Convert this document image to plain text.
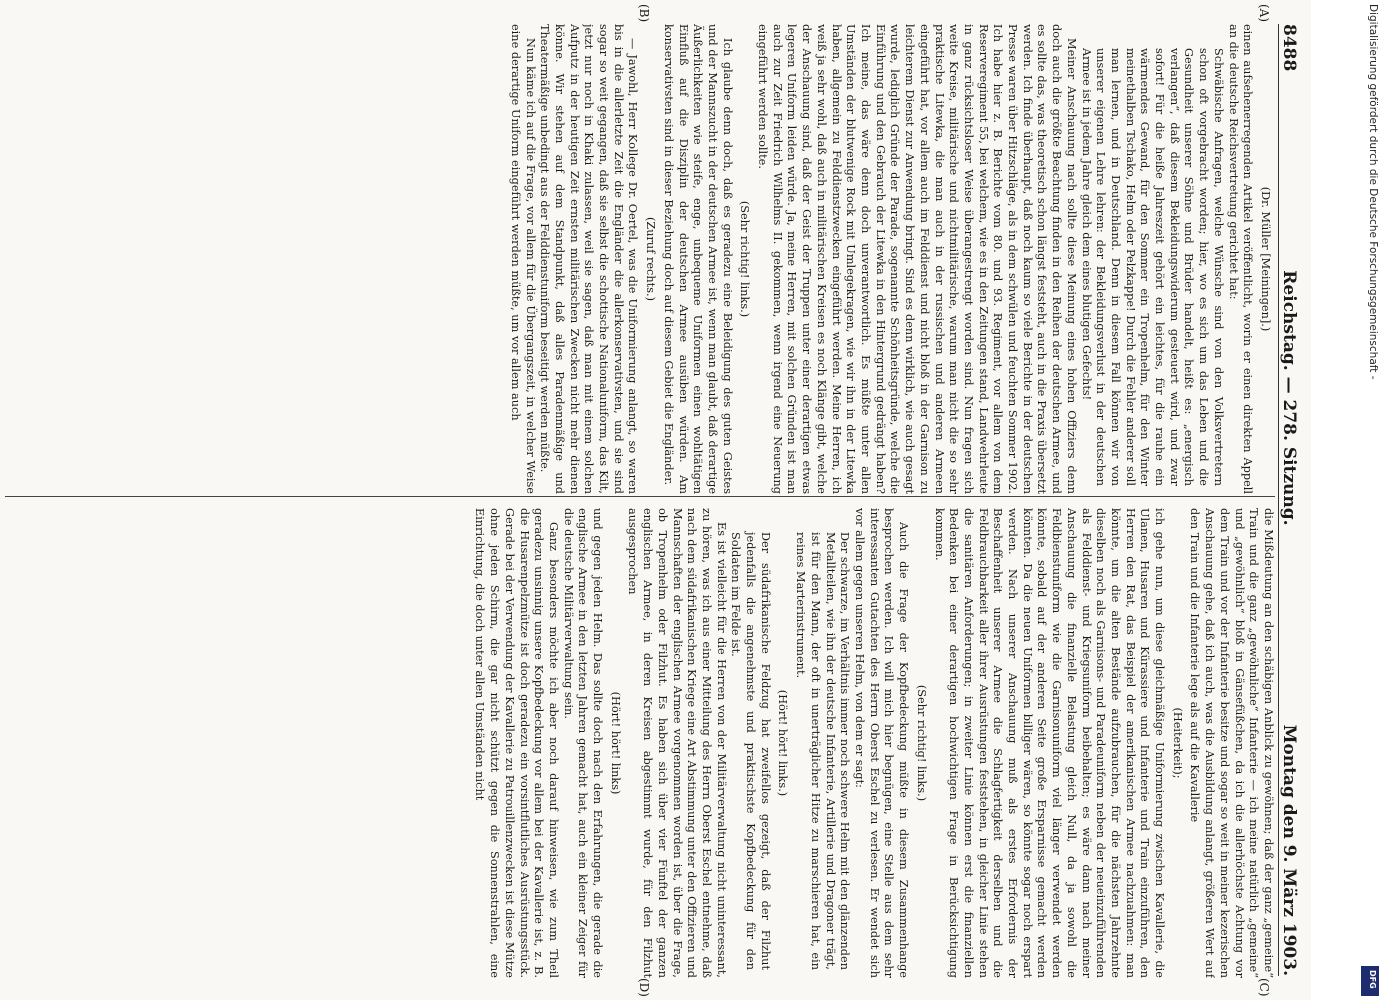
8488
Reichstag. — 278. Sitzung.
Montag den 9. März 1903.

(Dr. Müller [Meiningen].)

einen aufsehenerregenden Artikel veröffentlicht, worin er einen direkten Appell an die deutsche Reichsvertretung gerichtet hat:

Schwäbische Anfragen, welche Wünsche sind von den Volksvertretern schon oft vorgebracht worden; hier, wo es sich um das Leben und die Gesundheit unserer Söhne und Brüder handelt, heißt es: „energisch verlangen“, daß diesem Bekleidungswiderum gesteuert wird, und zwar sofort! Für die heiße Jahreszeit gehört ein leichtes, für die rauhe ein wärmendes Gewand, für den Sommer ein Tropenhelm, für den Winter meinethalben Tschako, Helm oder Pelzkappe! Durch die Fehler anderer soll man lernen, und in Deutschland. Denn in diesem Fall können wir von unserer eigenen Lehre lehren: der Bekleidungsverlust in der deutschen Armee ist in jedem Jahre gleich dem eines blutigen Gefechts!

Meiner Anschauung nach sollte diese Meinung eines hohen Offiziers denn doch auch die größte Beachtung finden in den Reihen der deutschen Armee, und es sollte das, was theoretisch schon längst feststeht, auch in die Praxis übersetzt werden. Ich finde überhaupt, daß noch kaum so viele Berichte in der deutschen Presse waren über Hitzschläge, als in dem schwülen und feuchten Sommer 1902. Ich habe hier z. B. Berichte vom 80. und 93. Regiment, vor allem von dem Reserveregiment 55, bei welchem, wie es in den Zeitungen stand, Landwehrleute in ganz rücksichtsloser Weise überangestrengt worden sind. Nun fragen sich weite Kreise, militärische und nichtmilitärische, warum man nicht die so sehr praktische Litewka, die man auch in der russischen und anderen Armeen eingeführt hat, vor allem auch im Felddienst und nicht bloß in der Garnison zu leichterem Dienst zur Anwendung bringt. Sind es denn wirklich, wie auch gesagt wurde, lediglich Gründe der Parade, sogenannte Schönheitsgründe, welche die Einführung und den Gebrauch der Litewka in den Hintergrund gedrängt haben? Ich meine, das wäre denn doch unverantwortlich. Es müßte unter allen Umständen der blutwenige Rock mit Umlegekragen, wie wir ihn in der Litewka haben, allgemein zu Felddienstzwecken eingeführt werden. Meine Herren, ich weiß ja sehr wohl, daß auch in militärischen Kreisen es noch Klänge gibt, welche der Anschauung sind, daß der Geist der Truppen unter einer derartigen etwas legeren Uniform leiden würde. Ja, meine Herren, mit solchen Gründen ist man auch zur Zeit Friedrich Wilhelms II. gekommen, wenn irgend eine Neuerung eingeführt werden sollte.

(Sehr richtig! links.)

Ich glaube denn doch, daß es geradezu eine Beleidigung des guten Geistes und der Mannszucht in der deutschen Armee ist, wenn man glaubt, daß derartige Äußerlichkeiten wie steife, enge, unbequeme Uniformen einen wohltätigen Einfluß auf die Disziplin der deutschen Armee ausüben würden. Am konservativsten sind in dieser Beziehung doch auf diesem Gebiet die Engländer.

(Zuruf rechts.)

— Jawohl, Herr Kollege Dr. Oertel, was die Uniformierung anlangt, so waren bis in die allerletzte Zeit die Engländer die allerkonservativsten, und sie sind sogar so weit gegangen, daß sie selbst die schottische Nationaluniform, das Kilt, jetzt nur noch in Khaki zulassen, weil sie sagen, daß man mit einem solchen Aufputz in der heutigen Zeit ernsten militärischen Zwecken nicht mehr dienen könne. Wir stehen auf dem Standpunkt, daß alles Paradenmäßige und Theatermäßige unbedingt aus der Felddienstuniform beseitigt werden müßte.

Nun käme ich auf die Frage, vor allem für die Übergangszeit, in welcher Weise eine derartige Uniform eingeführt werden müßte, um vor allem auch

(A)
(B)

die Mißdeutung an den schäbigen Anblick zu gewöhnen; daß der ganz „gemeine“ Train und die ganz „gewöhnliche“ Infanterie — ich meine natürlich „gemeine“ und „gewöhnlich“ bloß in Gänsefüßchen, da ich die allerhöchste Achtung vor dem Train und vor der Infanterie besitze und sogar so weit in meiner kezerischen Anschauung gehe, daß ich auch, was die Ausbildung anlangt, größeren Wert auf den Train und die Infanterie lege als auf die Kavallerie

(Heiterkeit);

ich gehe nun, um diese gleichmäßige Uniformierung zwischen Kavallerie, die Ulanen, Husaren und Kürassiere und Infanterie und Train einzuführen, den Herren den Rat, das Beispiel der amerikanischen Armee nachzuahmen: man könnte, um die alten Bestände aufzubrauchen, für die nächsten Jahrzehnte dieselben noch als Garnisons- und Paradeuniform neben der neueinzuführenden als Felddienst- und Kriegsuniform beibehalten; es wäre dann nach meiner Anschauung die finanzielle Belastung gleich Null, da ja sowohl die Feldbienstuniform wie die Garnisonuniform viel länger verwendet werden könnte, sobald auf der anderen Seite große Ersparnisse gemacht werden könnten. Da die neuen Uniformen billiger wären, so könnte sogar noch erspart werden. Nach unserer Anschauung muß als erstes Erfordernis der Beschaffenheit unserer Armee die Schlagfertigkeit derselben und die Feldbrauchbarkeit aller ihrer Ausrüstungen feststehen, in gleicher Linie stehen die sanitären Anforderungen; in zweiter Linie können erst die finanziellen Bedenken bei einer derartigen hochwichtigen Frage in Berücksichtigung kommen.

(Sehr richtig! links.)

Auch die Frage der Kopfbedeckung müßte in diesem Zusammenhange besprochen werden. Ich will mich hier begnügen, eine Stelle aus dem sehr interessanten Gutachten des Herrn Oberst Eschel zu verlesen. Er wendet sich vor allem gegen unseren Helm, von dem er sagt:

Der schwarze, im Verhältnis immer noch schwere Helm mit den glänzenden Metallteilen, wie ihn der deutsche Infanterie, Artillerie und Dragoner trägt, ist für den Mann, der oft in unerträglicher Hitze zu marschieren hat, ein reines Marterinstrument.

(Hört! hört! links.)

Der südafrikanische Feldzug hat zweifellos gezeigt, daß der Filzhut jedenfalls die angenehmste und praktischste Kopfbedeckung für den Soldaten im Felde ist.

Es ist vielleicht für die Herren von der Militärverwaltung nicht uninteressant, zu hören, was ich aus einer Mitteilung des Herrn Oberst Eschel entnehme, daß nach dem südafrikanischen Kriege eine Art Abstimmung unter den Offizieren und Mannschaften der englischen Armee vorgenommen worden ist, über die Frage, ob Tropenhelm oder Filzhut. Es haben sich über vier Fünftel der ganzen englischen Armee, in deren Kreisen abgestimmt wurde, für den Filzhut ausgesprochen

(Hört! hört! links)

und gegen jeden Helm. Das sollte doch nach den Erfahrungen, die gerade die englische Armee in den letzten Jahren gemacht hat, auch ein kleiner Zeiger für die deutsche Militärverwaltung sein.

Ganz besonders möchte ich aber noch darauf hinweisen, wie zum Theil geradezu unsinnig unsere Kopfbedeckung vor allem bei der Kavallerie ist, z. B. die Husarenpelzmütze ist doch geradezu ein vorsintflutliches Ausrüstungsstück. Gerade bei der Verwendung der Kavallerie zu Patrouillenzwecken ist diese Mütze ohne jeden Schirm, die gar nicht schützt gegen die Sonnenstrahlen, eine Einrichtung, die doch unter allen Umständen nicht

(C)
(D)
Digitalisierung gefördert durch die Deutsche Forschungsgemeinschaft -
DFG
